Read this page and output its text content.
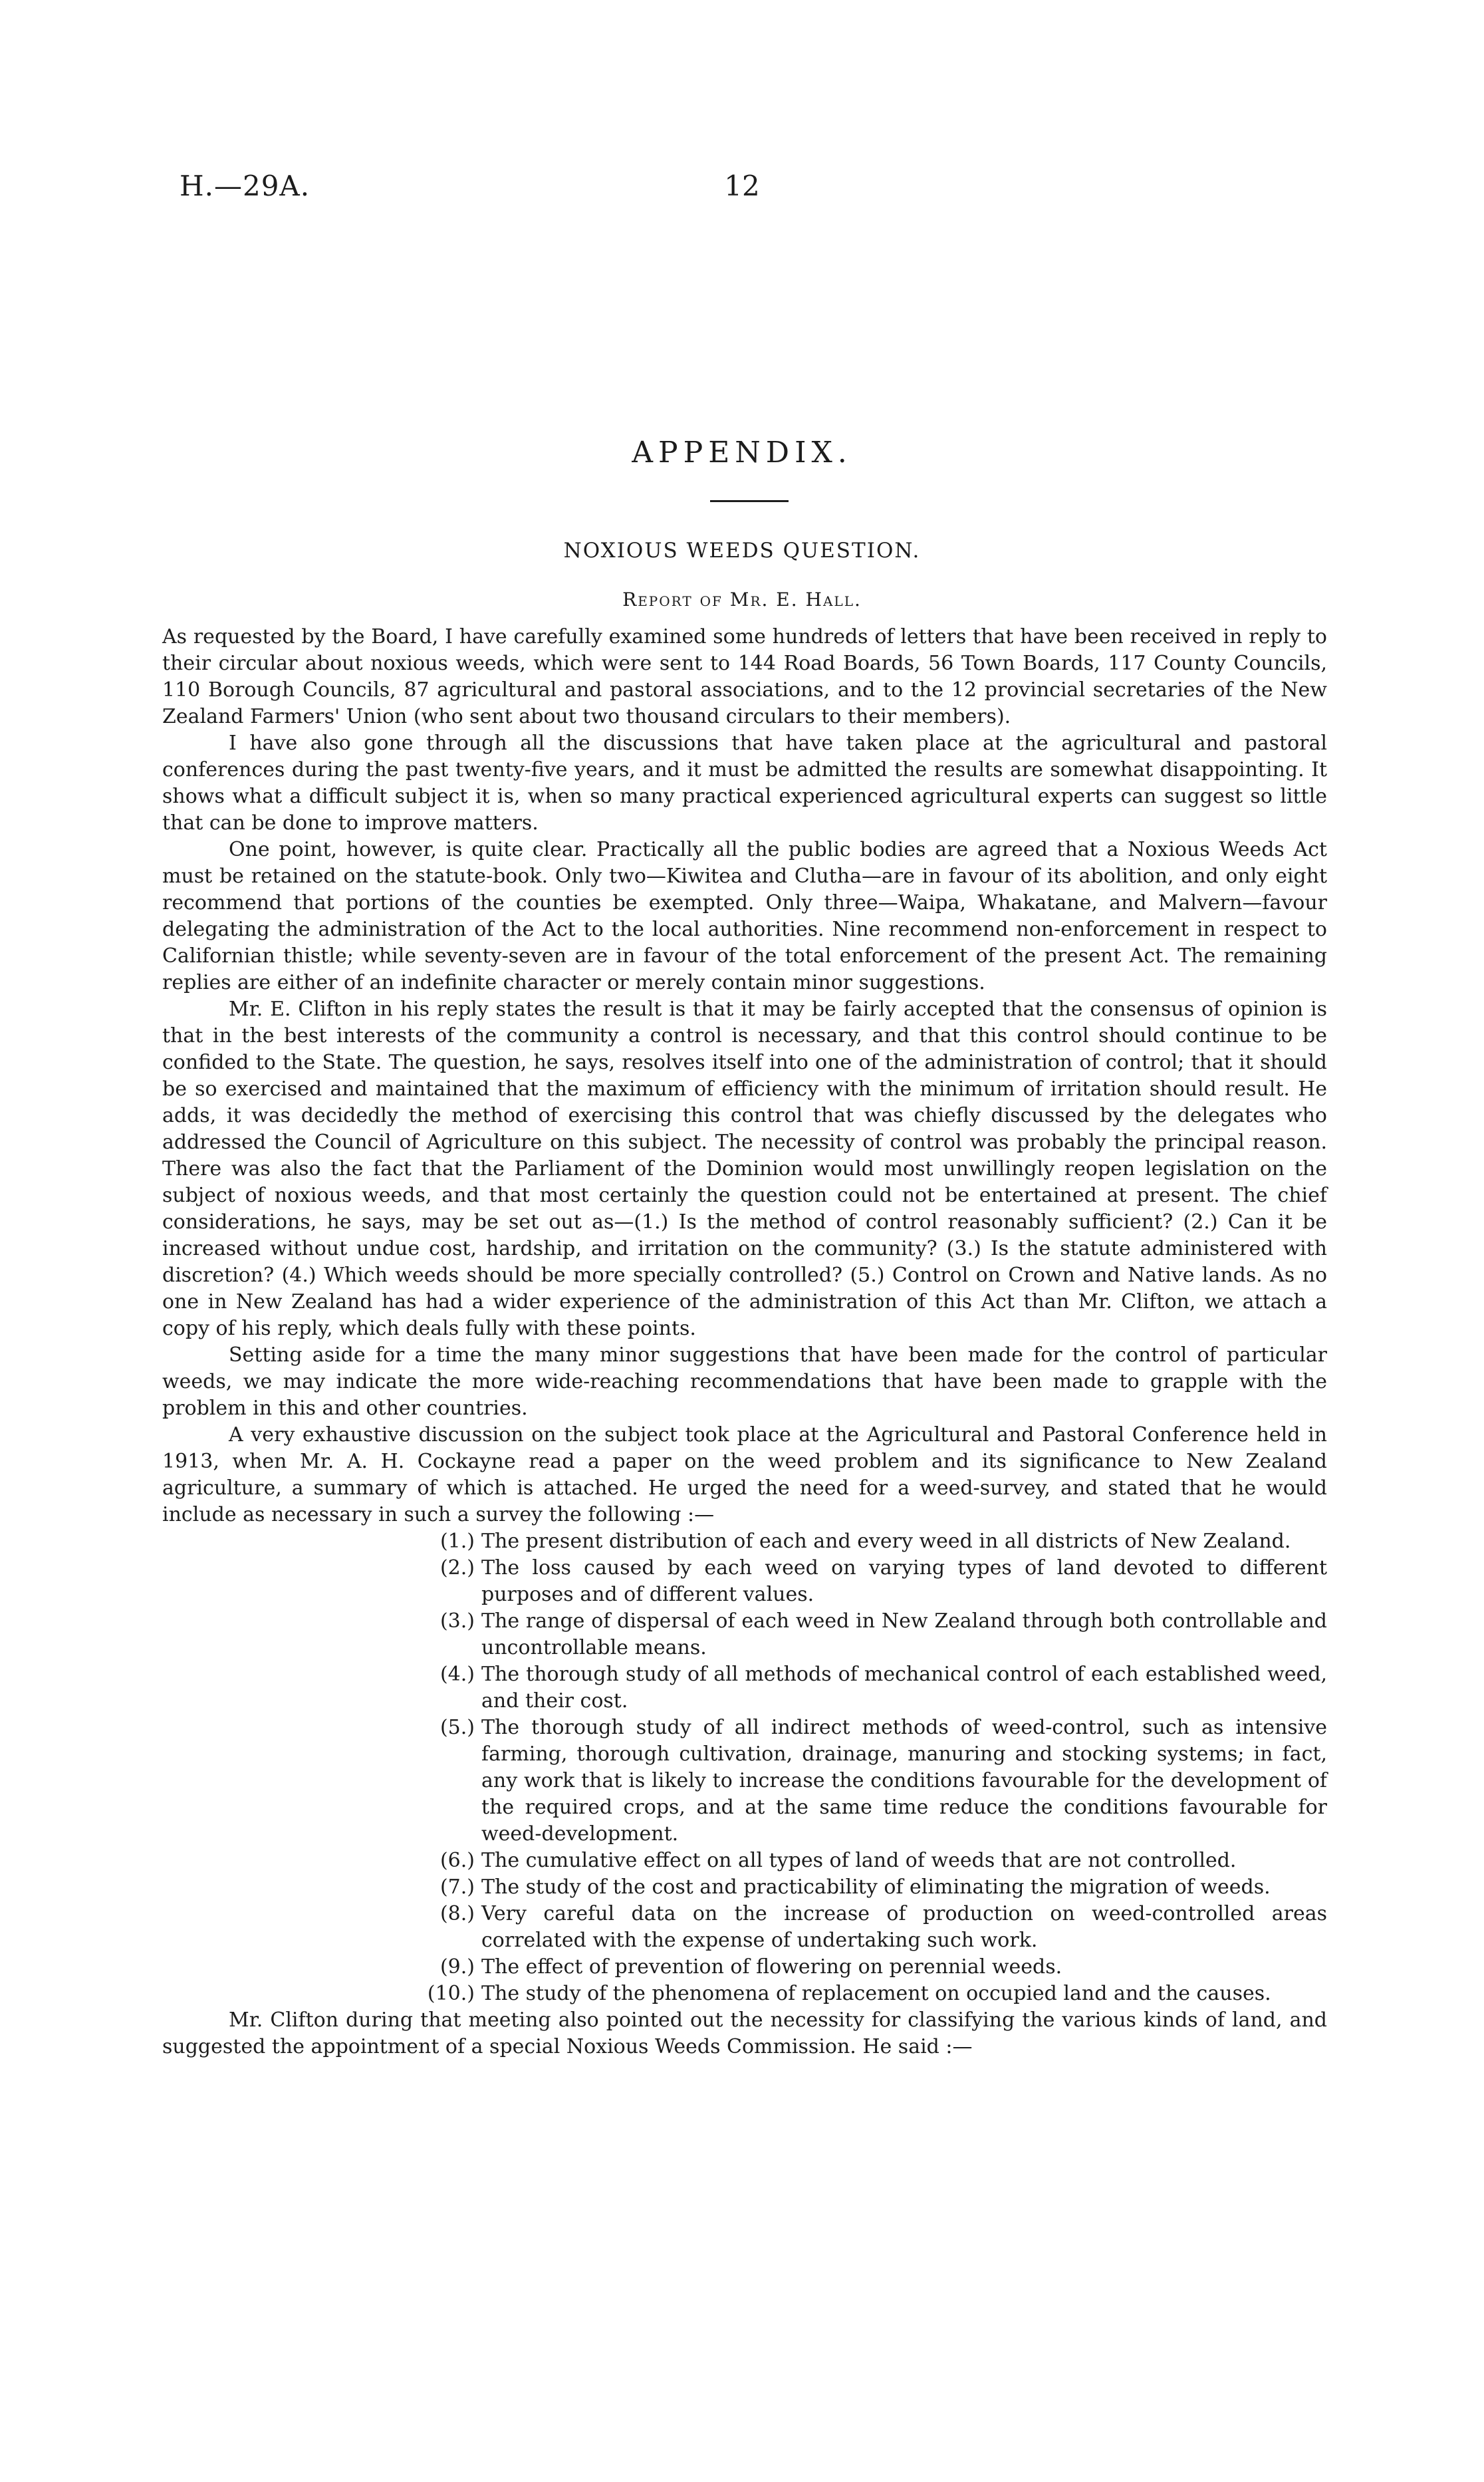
H.—29A.	12
APPENDIX.
NOXIOUS WEEDS QUESTION.
Report of Mr. E. Hall.

As requested by the Board, I have carefully examined some hundreds of letters that have been received in reply to their circular about noxious weeds, which were sent to 144 Road Boards, 56 Town Boards, 117 County Councils, 110 Borough Councils, 87 agricultural and pastoral associations, and to the 12 provincial secretaries of the New Zealand Farmers' Union (who sent about two thousand circulars to their members).

I have also gone through all the discussions that have taken place at the agricultural and pastoral conferences during the past twenty-five years, and it must be admitted the results are somewhat disappointing. It shows what a difficult subject it is, when so many practical experienced agricultural experts can suggest so little that can be done to improve matters.

One point, however, is quite clear. Practically all the public bodies are agreed that a Noxious Weeds Act must be retained on the statute-book. Only two—Kiwitea and Clutha—are in favour of its abolition, and only eight recommend that portions of the counties be exempted. Only three—Waipa, Whakatane, and Malvern—favour delegating the administration of the Act to the local authorities. Nine recommend non-enforcement in respect to Californian thistle; while seventy-seven are in favour of the total enforcement of the present Act. The remaining replies are either of an indefinite character or merely contain minor suggestions.

Mr. E. Clifton in his reply states the result is that it may be fairly accepted that the consensus of opinion is that in the best interests of the community a control is necessary, and that this control should continue to be confided to the State. The question, he says, resolves itself into one of the administration of control; that it should be so exercised and maintained that the maximum of efficiency with the minimum of irritation should result. He adds, it was decidedly the method of exercising this control that was chiefly discussed by the delegates who addressed the Council of Agriculture on this subject. The necessity of control was probably the principal reason. There was also the fact that the Parliament of the Dominion would most unwillingly reopen legislation on the subject of noxious weeds, and that most certainly the question could not be entertained at present. The chief considerations, he says, may be set out as—(1.) Is the method of control reasonably sufficient? (2.) Can it be increased without undue cost, hardship, and irritation on the community? (3.) Is the statute administered with discretion? (4.) Which weeds should be more specially controlled? (5.) Control on Crown and Native lands. As no one in New Zealand has had a wider experience of the administration of this Act than Mr. Clifton, we attach a copy of his reply, which deals fully with these points.

Setting aside for a time the many minor suggestions that have been made for the control of particular weeds, we may indicate the more wide-reaching recommendations that have been made to grapple with the problem in this and other countries.

A very exhaustive discussion on the subject took place at the Agricultural and Pastoral Conference held in 1913, when Mr. A. H. Cockayne read a paper on the weed problem and its significance to New Zealand agriculture, a summary of which is attached. He urged the need for a weed-survey, and stated that he would include as necessary in such a survey the following :—

(1.) The present distribution of each and every weed in all districts of New Zealand.
(2.) The loss caused by each weed on varying types of land devoted to different purposes and of different values.
(3.) The range of dispersal of each weed in New Zealand through both controllable and uncontrollable means.
(4.) The thorough study of all methods of mechanical control of each established weed, and their cost.
(5.) The thorough study of all indirect methods of weed-control, such as intensive farming, thorough cultivation, drainage, manuring and stocking systems; in fact, any work that is likely to increase the conditions favourable for the development of the required crops, and at the same time reduce the conditions favourable for weed-development.
(6.) The cumulative effect on all types of land of weeds that are not controlled.
(7.) The study of the cost and practicability of eliminating the migration of weeds.
(8.) Very careful data on the increase of production on weed-controlled areas correlated with the expense of undertaking such work.
(9.) The effect of prevention of flowering on perennial weeds.
(10.) The study of the phenomena of replacement on occupied land and the causes.

Mr. Clifton during that meeting also pointed out the necessity for classifying the various kinds of land, and suggested the appointment of a special Noxious Weeds Commission. He said :—
